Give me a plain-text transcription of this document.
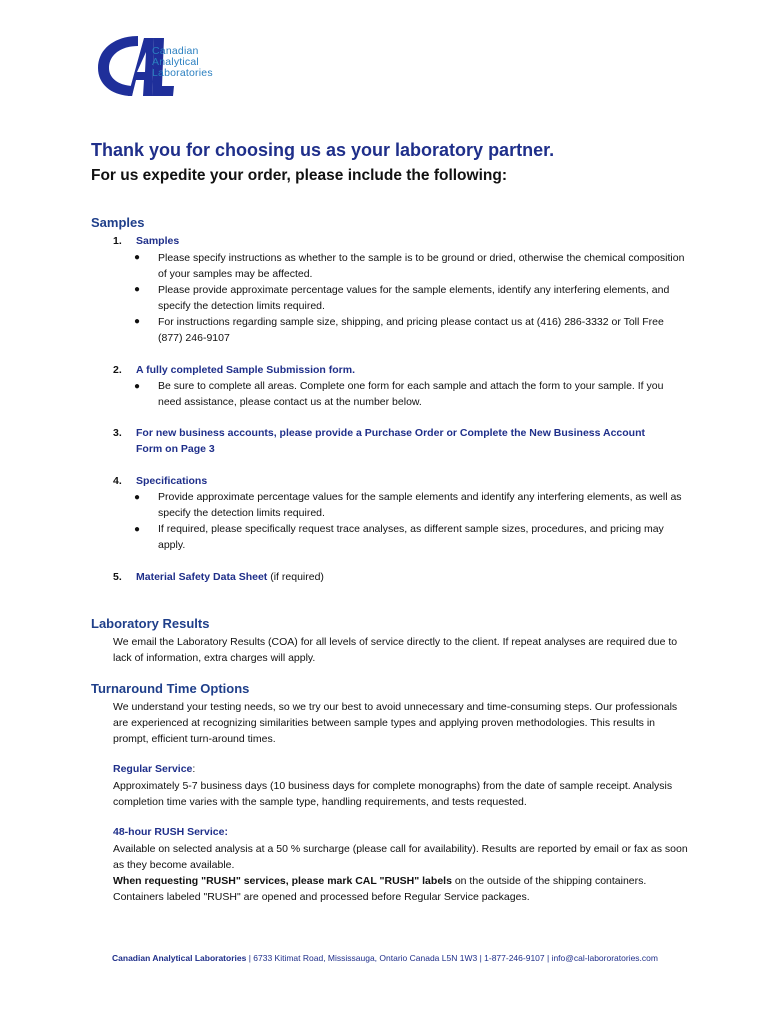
Canadian
Analytical
Laboratories
Thank you for choosing us as your laboratory partner.
For us expedite your order, please include the following:
Samples
1. Samples
● Please specify instructions as whether to the sample is to be ground or dried, otherwise the chemical composition of your samples may be affected.
● Please provide approximate percentage values for the sample elements, identify any interfering elements, and specify the detection limits required.
● For instructions regarding sample size, shipping, and pricing please contact us at (416) 286-3332 or Toll Free (877) 246-9107
2. A fully completed Sample Submission form.
● Be sure to complete all areas. Complete one form for each sample and attach the form to your sample. If you need assistance, please contact us at the number below.
3. For new business accounts, please provide a Purchase Order or Complete the New Business Account Form on Page 3
4. Specifications
● Provide approximate percentage values for the sample elements and identify any interfering elements, as well as specify the detection limits required.
● If required, please specifically request trace analyses, as different sample sizes, procedures, and pricing may apply.
5. Material Safety Data Sheet (if required)
Laboratory Results
We email the Laboratory Results (COA) for all levels of service directly to the client. If repeat analyses are required due to lack of information, extra charges will apply.
Turnaround Time Options
We understand your testing needs, so we try our best to avoid unnecessary and time-consuming steps. Our professionals are experienced at recognizing similarities between sample types and applying proven methodologies. This results in prompt, efficient turn-around times.
Regular Service:
Approximately 5-7 business days (10 business days for complete monographs) from the date of sample receipt. Analysis completion time varies with the sample type, handling requirements, and tests requested.
48-hour RUSH Service:
Available on selected analysis at a 50 % surcharge (please call for availability). Results are reported by email or fax as soon as they become available.
When requesting "RUSH" services, please mark CAL "RUSH" labels on the outside of the shipping containers. Containers labeled "RUSH" are opened and processed before Regular Service packages.
Canadian Analytical Laboratories | 6733 Kitimat Road, Mississauga, Ontario Canada L5N 1W3 | 1-877-246-9107 | info@cal-labororatories.com
